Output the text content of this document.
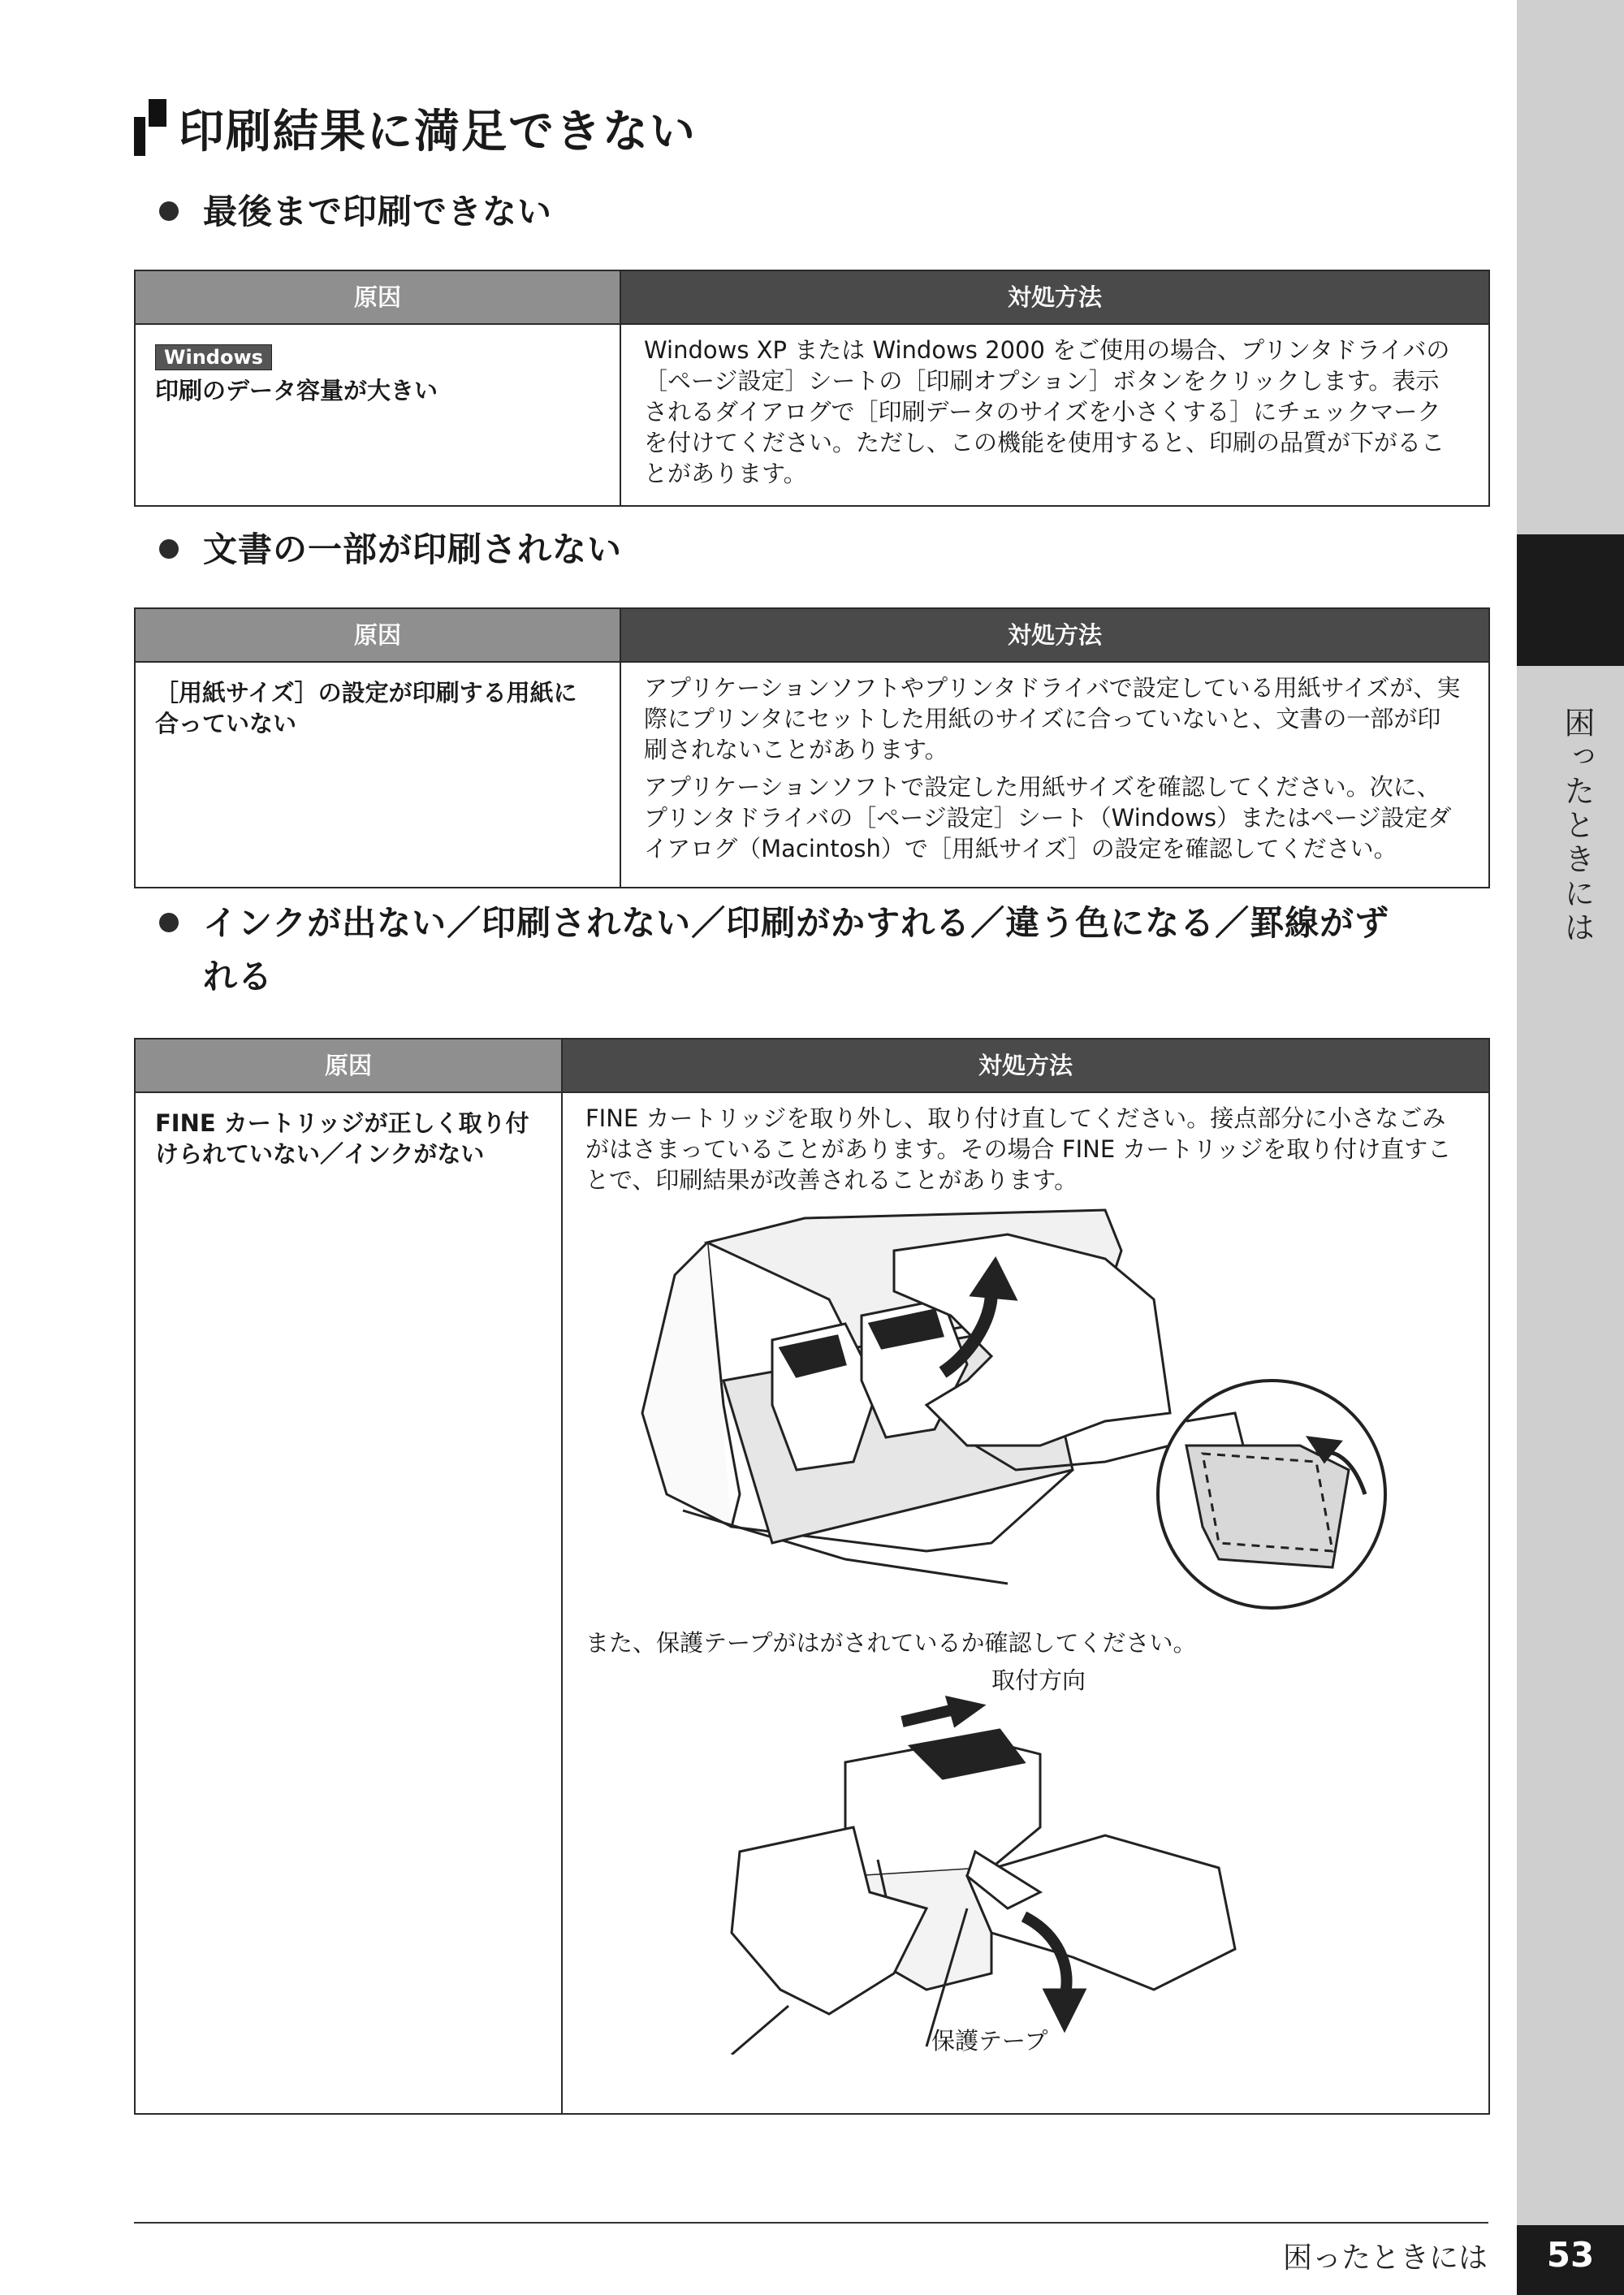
困ったときには
印刷結果に満足できない
最後まで印刷できない
原因	対処方法
Windows
印刷のデータ容量が大きい	Windows XP または Windows 2000 をご使用の場合、プリンタドライバの［ページ設定］シートの［印刷オプション］ボタンをクリックします。表示されるダイアログで［印刷データのサイズを小さくする］にチェックマークを付けてください。ただし、この機能を使用すると、印刷の品質が下がることがあります。

文書の一部が印刷されない
原因	対処方法
［用紙サイズ］の設定が印刷する用紙に合っていない	アプリケーションソフトやプリンタドライバで設定している用紙サイズが、実際にプリンタにセットした用紙のサイズに合っていないと、文書の一部が印刷されないことがあります。

アプリケーションソフトで設定した用紙サイズを確認してください。次に、プリンタドライバの［ページ設定］シート（Windows）またはページ設定ダイアログ（Macintosh）で［用紙サイズ］の設定を確認してください。

インクが出ない／印刷されない／印刷がかすれる／違う色になる／罫線がず
れる
原因	対処方法
FINE カートリッジが正しく取り付けられていない／インクがない	FINE カートリッジを取り外し、取り付け直してください。接点部分に小さなごみがはさまっていることがあります。その場合 FINE カートリッジを取り付け直すことで、印刷結果が改善されることがあります。

また、保護テープがはがされているか確認してください。

取付方向
保護テープ
困ったときには	53
